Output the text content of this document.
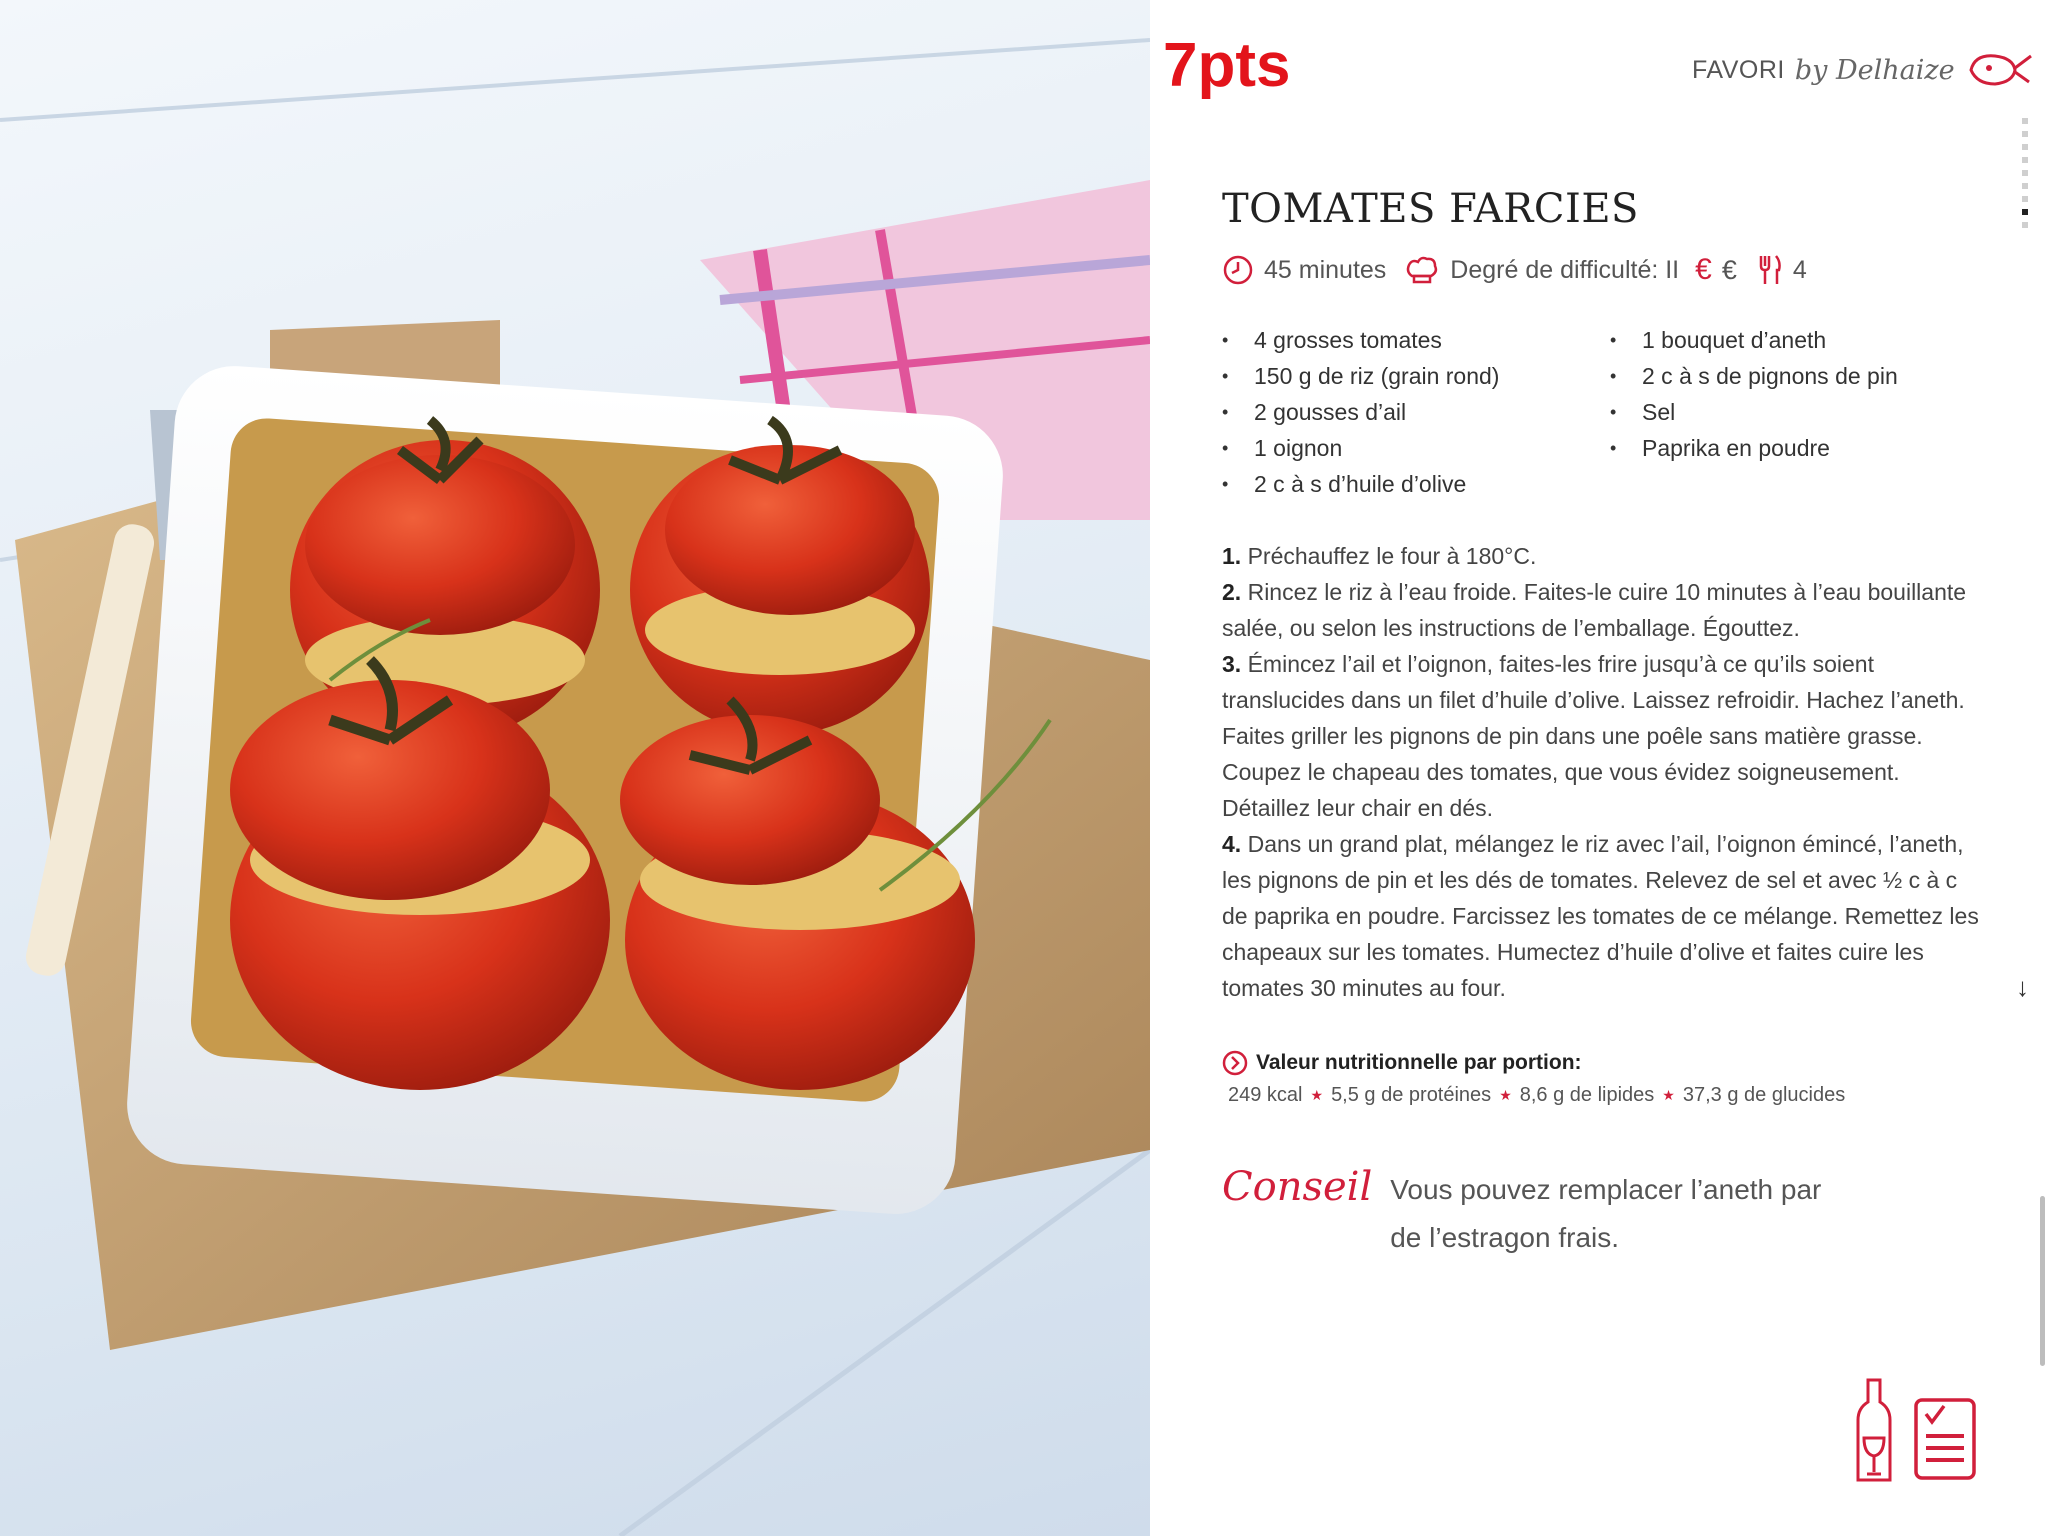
7pts	FAVORI by Delhaize
TOMATES FARCIES
45 minutes	Degré de difficulté: II € € 4
• 4 grosses tomates
• 150 g de riz (grain rond)
• 2 gousses d’ail
• 1 oignon
• 2 c à s d’huile d’olive
• 1 bouquet d’aneth
• 2 c à s de pignons de pin
• Sel
• Paprika en poudre

1. Préchauffez le four à 180°C.

2. Rincez le riz à l’eau froide. Faites-le cuire 10 minutes à l’eau bouillante salée, ou selon les instructions de l’emballage. Égouttez.

3. Émincez l’ail et l’oignon, faites-les frire jusqu’à ce qu’ils soient translucides dans un filet d’huile d’olive. Laissez refroidir. Hachez l’aneth. Faites griller les pignons de pin dans une poêle sans matière grasse. Coupez le chapeau des tomates, que vous évidez soigneusement. Détaillez leur chair en dés.

4. Dans un grand plat, mélangez le riz avec l’ail, l’oignon émincé, l’aneth, les pignons de pin et les dés de tomates. Relevez de sel et avec ½ c à c de paprika en poudre. Farcissez les tomates de ce mélange. Remettez les chapeaux sur les tomates. Humectez d’huile d’olive et faites cuire les tomates 30 minutes au four.

Valeur nutritionnelle par portion:
249 kcal ★ 5,5 g de protéines ★ 8,6 g de lipides ★ 37,3 g de glucides
Conseil Vous pouvez remplacer l’aneth par de l’estragon frais.
↓
